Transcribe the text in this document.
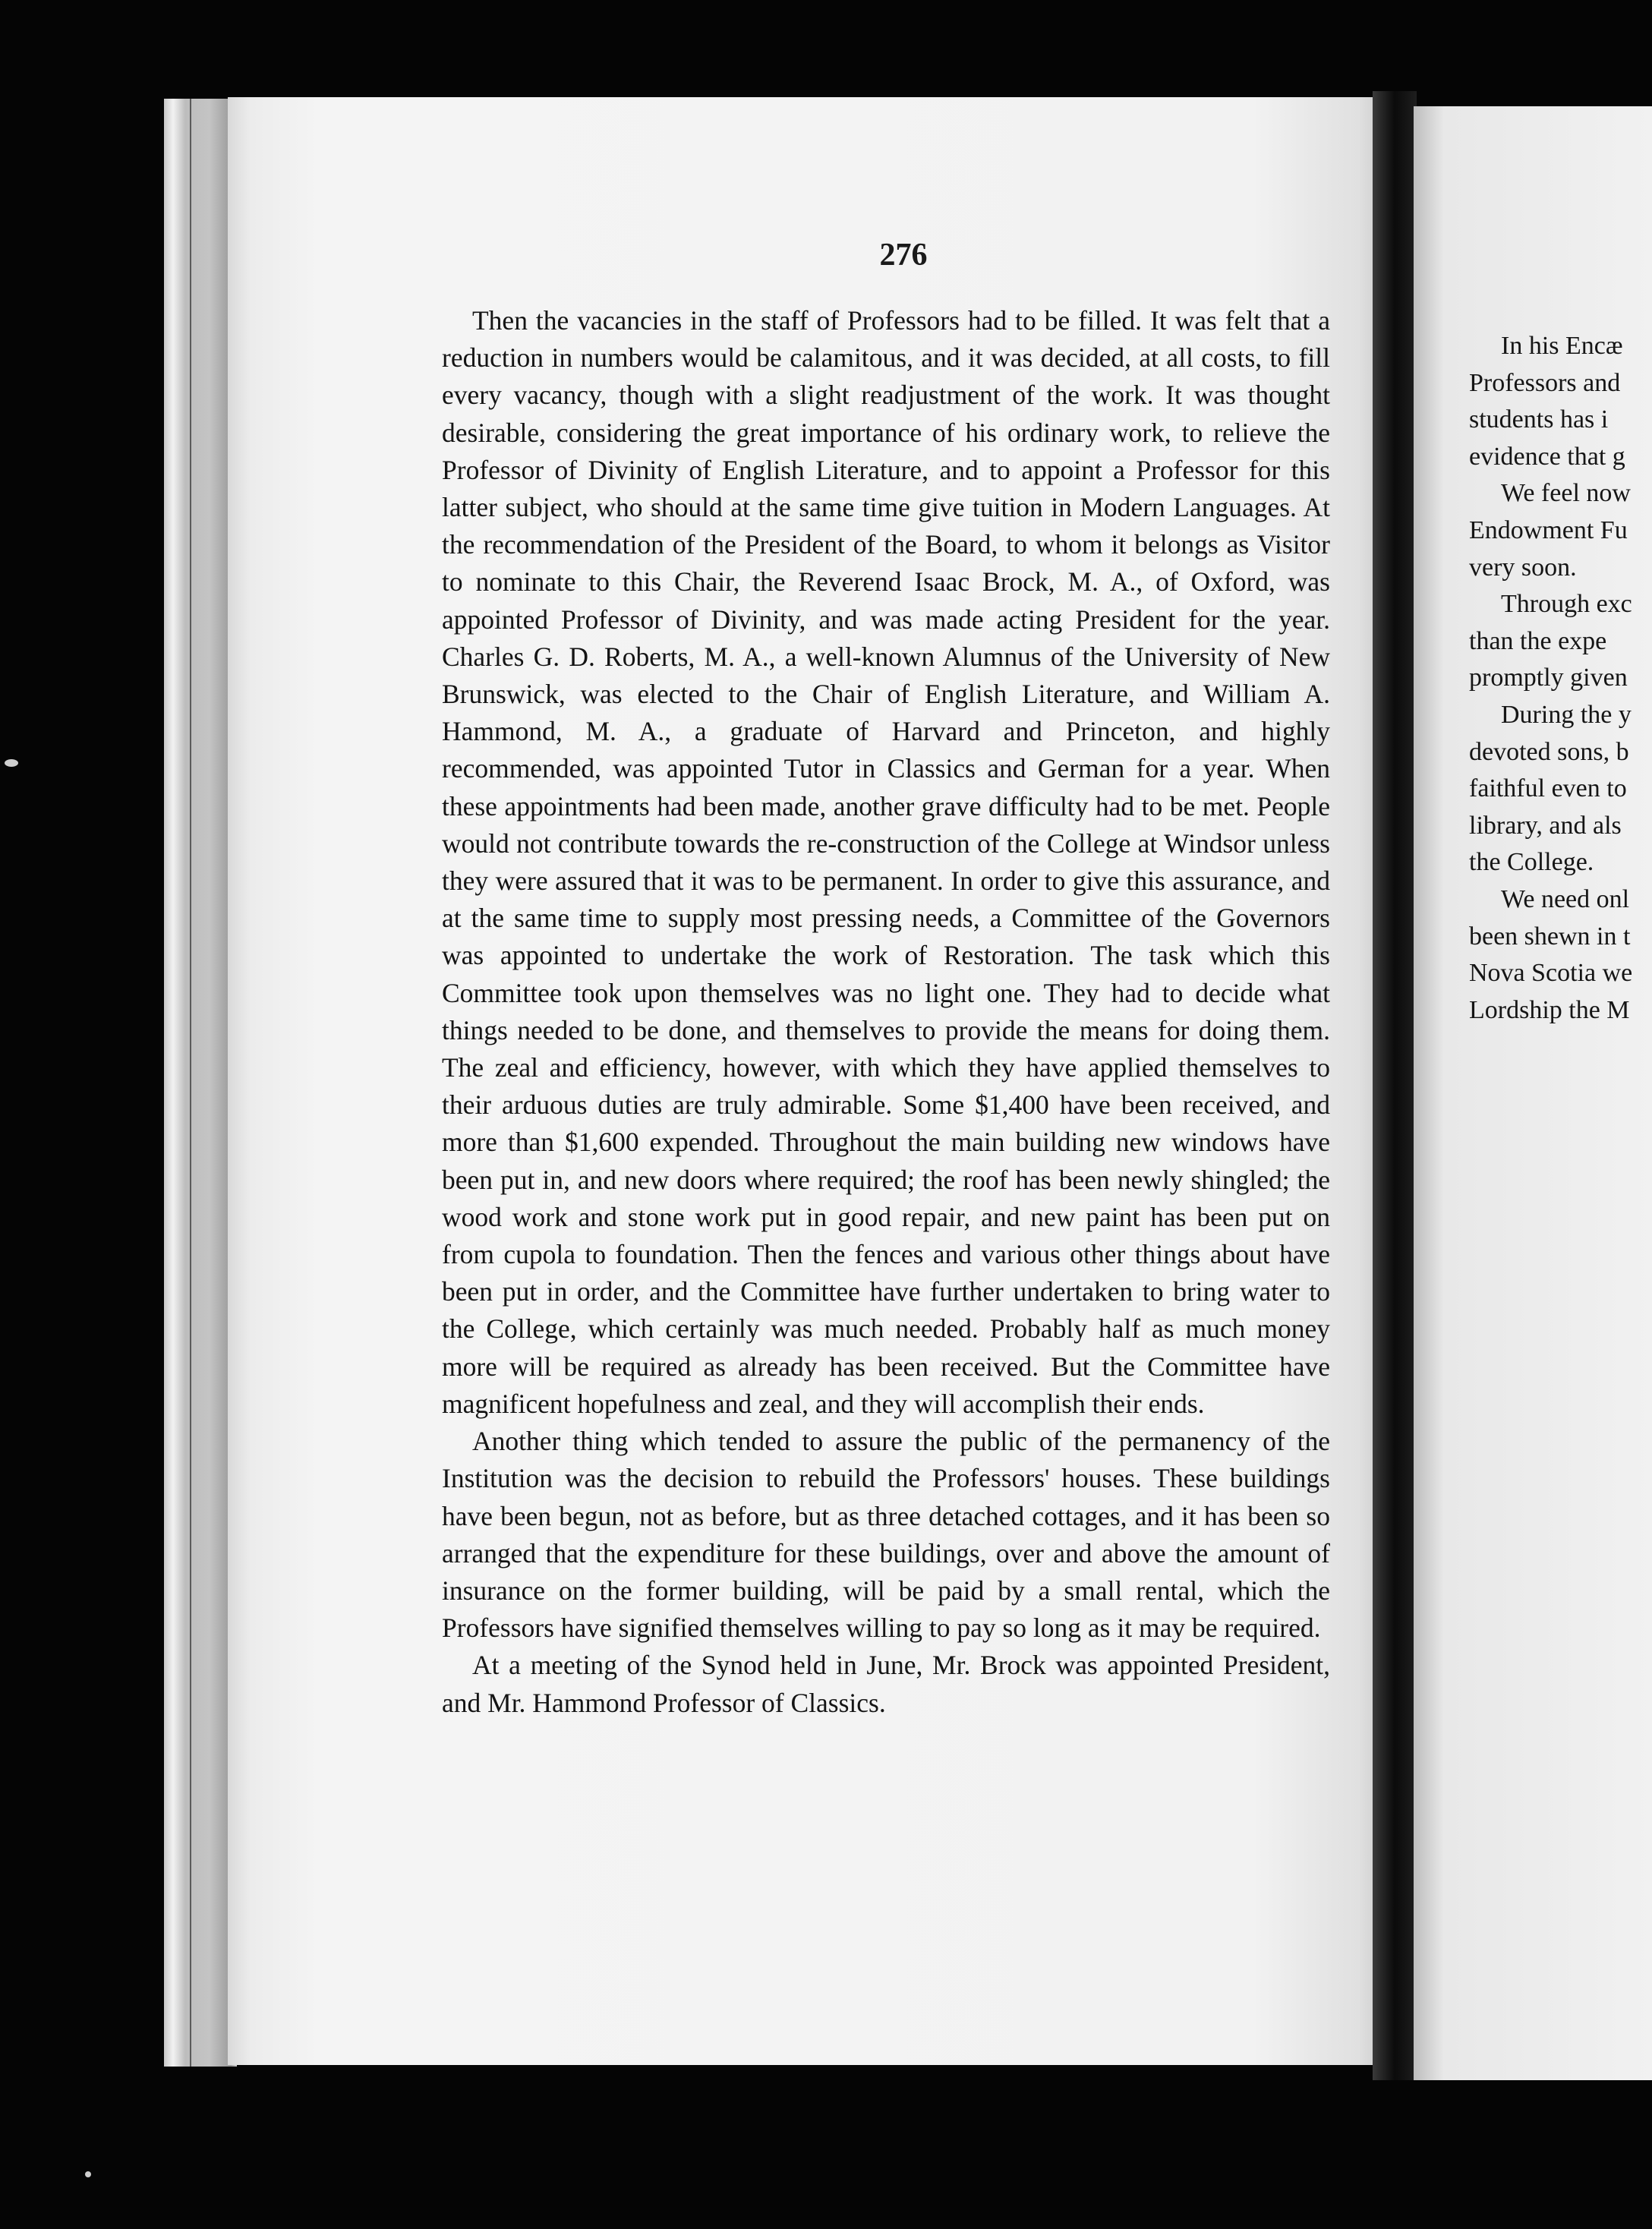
276

Then the vacancies in the staff of Professors had to be filled. It was felt that a reduction in numbers would be calamitous, and it was decided, at all costs, to fill every vacancy, though with a slight readjustment of the work. It was thought desirable, considering the great importance of his ordinary work, to relieve the Professor of Divinity of English Literature, and to appoint a Professor for this latter subject, who should at the same time give tuition in Modern Languages. At the recommendation of the President of the Board, to whom it belongs as Visitor to nominate to this Chair, the Reverend Isaac Brock, M. A., of Oxford, was appointed Professor of Divinity, and was made acting President for the year. Charles G. D. Roberts, M. A., a well-known Alumnus of the University of New Brunswick, was elected to the Chair of English Literature, and William A. Hammond, M. A., a graduate of Harvard and Princeton, and highly recommended, was appointed Tutor in Classics and German for a year. When these appointments had been made, another grave difficulty had to be met. People would not contribute towards the re-construction of the College at Windsor unless they were assured that it was to be permanent. In order to give this assurance, and at the same time to supply most pressing needs, a Committee of the Governors was appointed to undertake the work of Restoration. The task which this Committee took upon themselves was no light one. They had to decide what things needed to be done, and themselves to provide the means for doing them. The zeal and efficiency, however, with which they have applied themselves to their arduous duties are truly admirable. Some $1,400 have been received, and more than $1,600 expended. Throughout the main building new windows have been put in, and new doors where required; the roof has been newly shingled; the wood work and stone work put in good repair, and new paint has been put on from cupola to foundation. Then the fences and various other things about have been put in order, and the Committee have further undertaken to bring water to the College, which certainly was much needed. Probably half as much money more will be required as already has been received. But the Committee have magnificent hopefulness and zeal, and they will accomplish their ends.

Another thing which tended to assure the public of the permanency of the Institution was the decision to rebuild the Professors' houses. These buildings have been begun, not as before, but as three detached cottages, and it has been so arranged that the expenditure for these buildings, over and above the amount of insurance on the former building, will be paid by a small rental, which the Professors have signified themselves willing to pay so long as it may be required.

At a meeting of the Synod held in June, Mr. Brock was appointed President, and Mr. Hammond Professor of Classics.

In his Encæ
Professors and
students has i
evidence that g
We feel now
Endowment Fu
very soon.
Through exc
than the expe
promptly given
During the y
devoted sons, b
faithful even to
library, and als
the College.
We need onl
been shewn in t
Nova Scotia we
Lordship the M
